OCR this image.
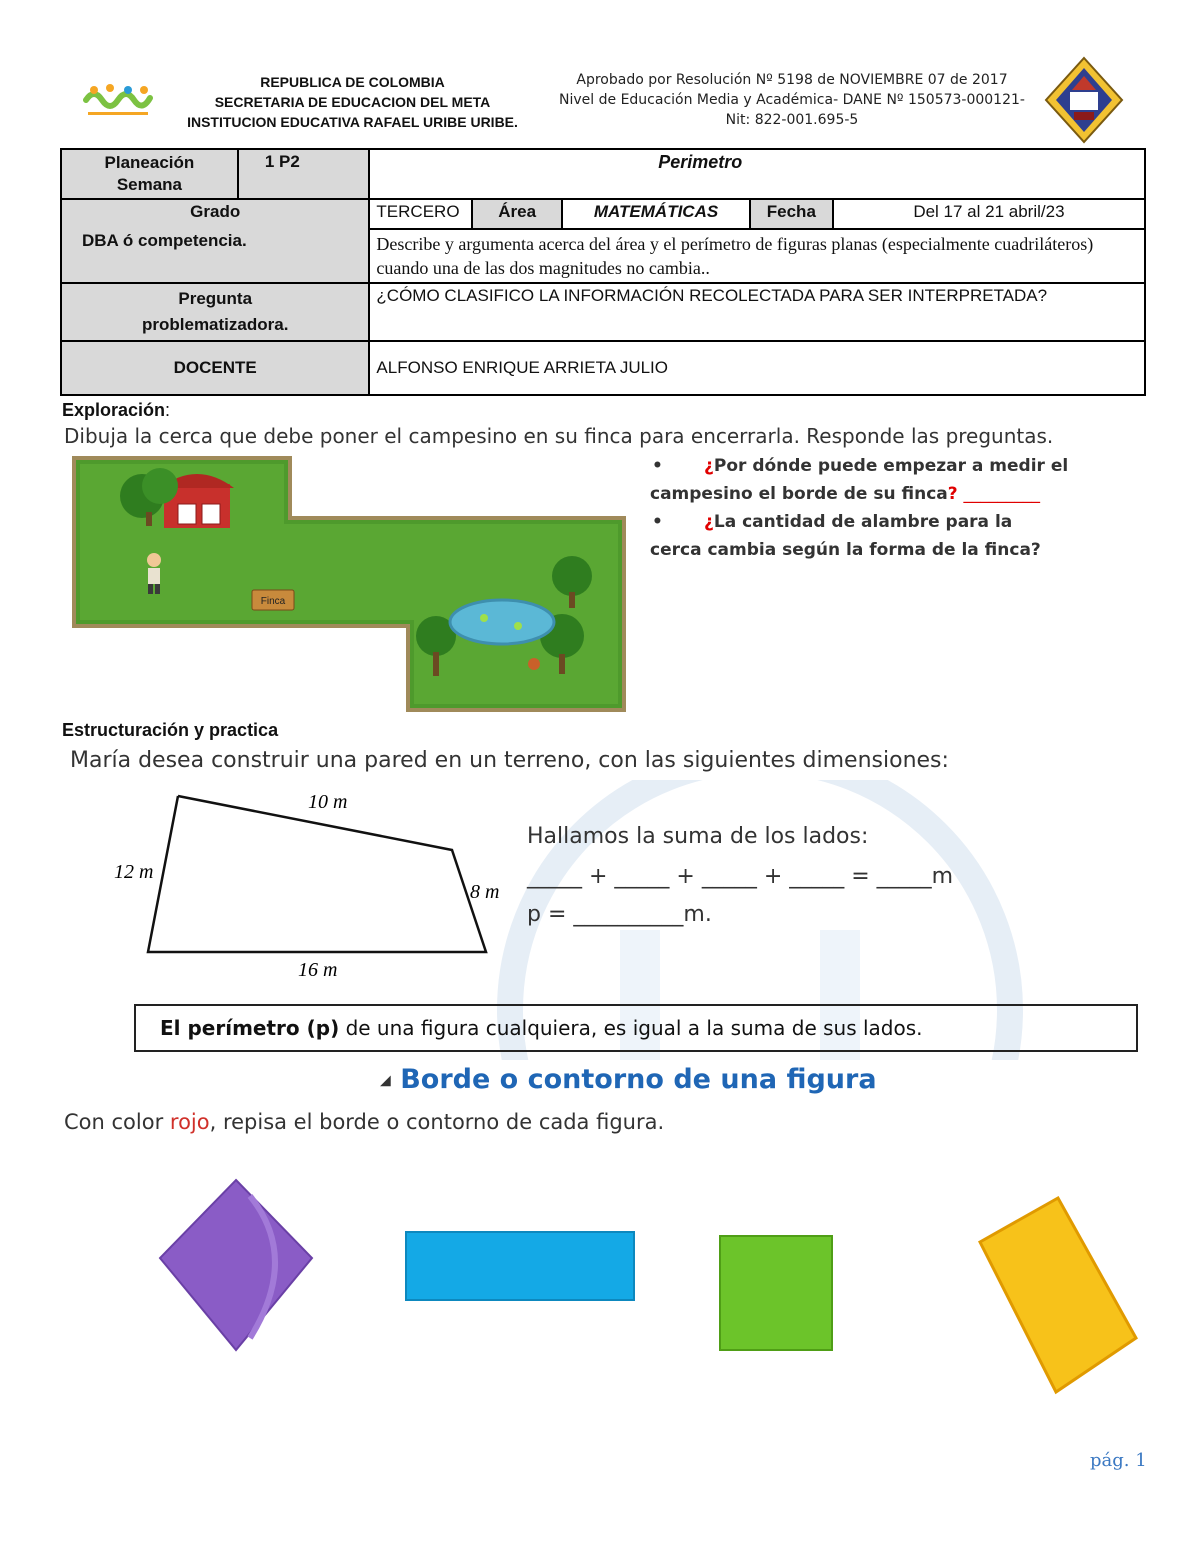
REPUBLICA DE COLOMBIA
SECRETARIA DE EDUCACION DEL META
INSTITUCION EDUCATIVA RAFAEL URIBE URIBE.
Aprobado por Resolución Nº 5198 de NOVIEMBRE 07 de 2017
Nivel de Educación Media y Académica- DANE Nº 150573-000121-
Nit: 822-001.695-5
Planeación
Semana	1 P2	Perimetro				
Grado		TERCERO	Área	MATEMÁTICAS	Fecha	Del 17 al 21 abril/23
DBA ó competencia.		Describe y argumenta acerca del área y el perímetro de figuras planas (especialmente cuadriláteros) cuando una de las dos magnitudes no cambia..				
Pregunta problematizadora.		¿CÓMO CLASIFICO LA INFORMACIÓN RECOLECTADA PARA SER INTERPRETADA?				
DOCENTE		ALFONSO ENRIQUE ARRIETA JULIO				
Exploración:
Dibuja la cerca que debe poner el campesino en su finca para encerrarla. Responde las preguntas.
Finca
• ¿Por dónde puede empezar a medir el
campesino el borde de su finca? _________
• ¿La cantidad de alambre para la
cerca cambia según la forma de la finca?
Estructuración y practica
María desea construir una pared en un terreno, con las siguientes dimensiones:
10 m
12 m
8 m
16 m
Hallamos la suma de los lados:
_____ + _____ + _____ + _____ = _____m
p = __________m.
El perímetro (p) de una figura cualquiera, es igual a la suma de sus lados.
◢ Borde o contorno de una figura
Con color rojo, repisa el borde o contorno de cada figura.
pág. 1
